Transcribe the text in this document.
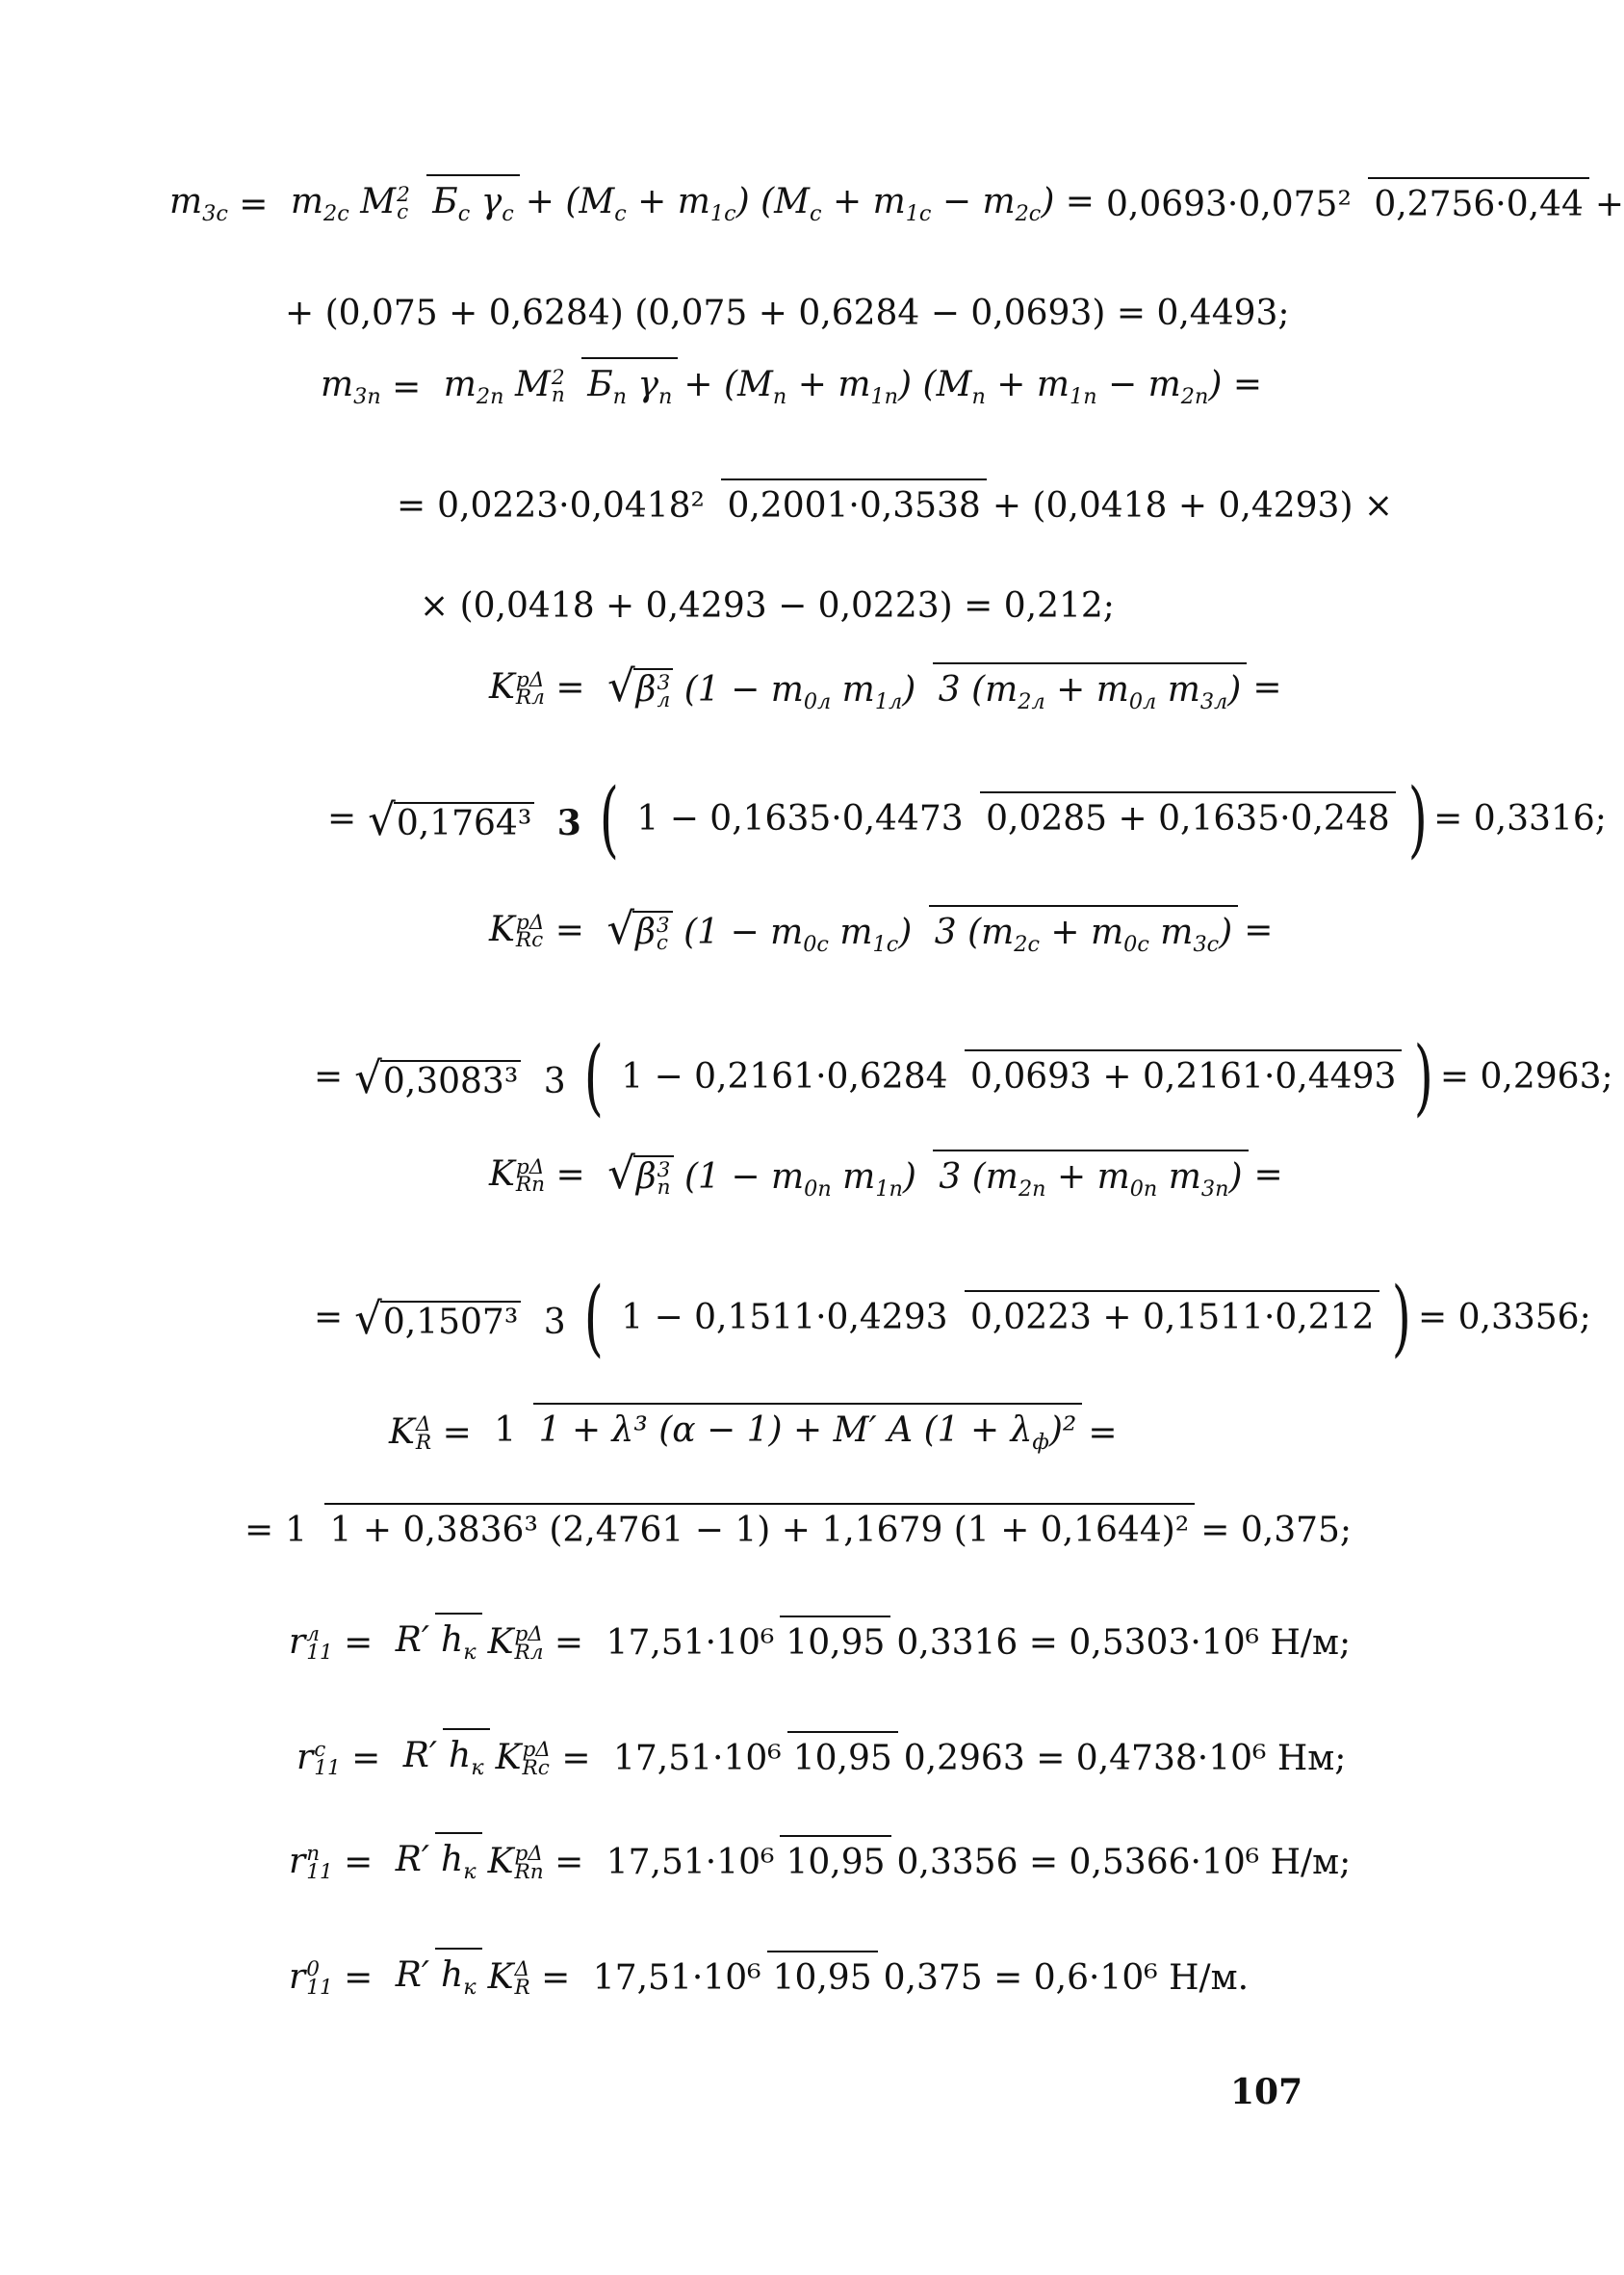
$m_{3c} = m_{2c}$ M 2
c $Б_c$ $\gamma_c + (M_c + m_{1c}) (M_c + m_{1c} - m_{2c}) = 0,0693\cdot 0,075^2$ 0,2756·0,44 +
+ (0,075 + 0,6284) (0,075 + 0,6284 − 0,0693) = 0,4493;
$m_{3п} = m_{2п}$ M 2
п $Б_п$ $\gamma_п + (M_п + m_{1п}) (M_п + m_{1п} - m_{2п})$ =
= 0,0223·0,0418² 0,2001·0,3538 + (0,0418 + 0,4293) ×
× (0,0418 + 0,4293 − 0,0223) = 0,212;
K pΔ
Rл = √β 3
л ($1 - m_{0л}$ $m_{1л}$) 3 ($m_{2л} + m_{0л}$ $m_{3л}$) =
= √0,1764³ 3 ( 1 − 0,1635·0,4473 0,0285 + 0,1635·0,248 ) = 0,3316;
K pΔ
Rc = √β 3
c ($1 - m_{0c}$ $m_{1c}$) 3 ($m_{2c} + m_{0c}$ $m_{3c}$) =
= √0,3083³ 3 ( 1 − 0,2161·0,6284 0,0693 + 0,2161·0,4493 ) = 0,2963;
K pΔ
Rп = √β 3
п ($1 - m_{0п}$ $m_{1п}$) 3 ($m_{2п} + m_{0п}$ $m_{3п}$) =
= √0,1507³ 3 ( 1 − 0,1511·0,4293 0,0223 + 0,1511·0,212 ) = 0,3356;
K Δ
R = 1 1 + λ³ (α − 1) + M′ A $(1 + \lambda_ф)^2$ =
= 1 1 + 0,3836³ (2,4761 − 1) + 1,1679 (1 + 0,1644)² = 0,375;
r л
11 = R′ $h_к$ K pΔ
Rл = 17,51·10⁶ 10,95 0,3316
= 0,5303·10⁶ Н/м;
r c
11 = R′ $h_к$ K pΔ
Rc = 17,51·10⁶ 10,95 0,2963
= 0,4738·10⁶ Нм;
r п
11 = R′ $h_к$ K pΔ
Rп = 17,51·10⁶ 10,95 0,3356
= 0,5366·10⁶ Н/м;
r 0
11 = R′ $h_к$ K Δ
R = 17,51·10⁶ 10,95 0,375
= 0,6·10⁶ Н/м.
107
